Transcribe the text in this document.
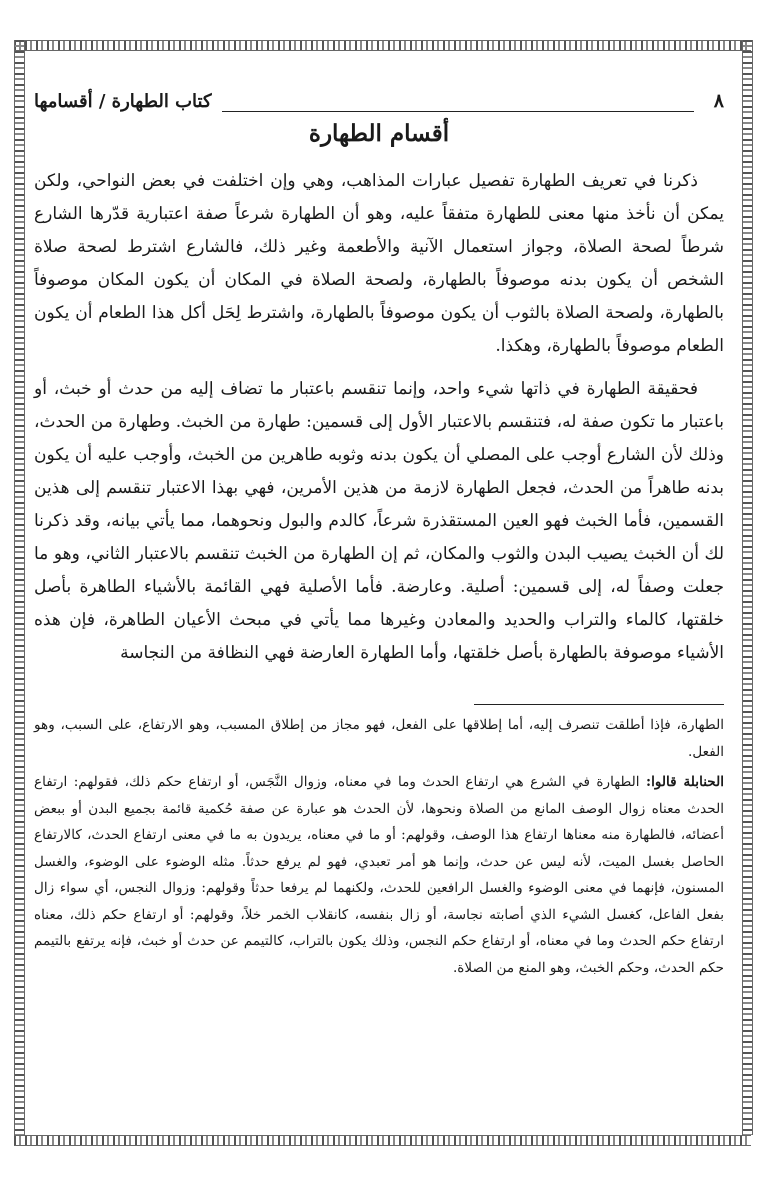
٨
كتاب الطهارة / أقسامها
أقسام الطهارة

ذكرنا في تعريف الطهارة تفصيل عبارات المذاهب، وهي وإن اختلفت في بعض النواحي، ولكن يمكن أن نأخذ منها معنى للطهارة متفقاً عليه، وهو أن الطهارة شرعاً صفة اعتبارية قدّرها الشارع شرطاً لصحة الصلاة، وجواز استعمال الآنية والأطعمة وغير ذلك، فالشارع اشترط لصحة صلاة الشخص أن يكون بدنه موصوفاً بالطهارة، ولصحة الصلاة في المكان أن يكون المكان موصوفاً بالطهارة، ولصحة الصلاة بالثوب أن يكون موصوفاً بالطهارة، واشترط لِحَل أكل هذا الطعام أن يكون الطعام موصوفاً بالطهارة، وهكذا.

فحقيقة الطهارة في ذاتها شيء واحد، وإنما تنقسم باعتبار ما تضاف إليه من حدث أو خبث، أو باعتبار ما تكون صفة له، فتنقسم بالاعتبار الأول إلى قسمين: طهارة من الخبث. وطهارة من الحدث، وذلك لأن الشارع أوجب على المصلي أن يكون بدنه وثوبه طاهرين من الخبث، وأوجب عليه أن يكون بدنه طاهراً من الحدث، فجعل الطهارة لازمة من هذين الأمرين، فهي بهذا الاعتبار تنقسم إلى هذين القسمين، فأما الخبث فهو العين المستقذرة شرعاً، كالدم والبول ونحوهما، مما يأتي بيانه، وقد ذكرنا لك أن الخبث يصيب البدن والثوب والمكان، ثم إن الطهارة من الخبث تنقسم بالاعتبار الثاني، وهو ما جعلت وصفاً له، إلى قسمين: أصلية. وعارضة. فأما الأصلية فهي القائمة بالأشياء الطاهرة بأصل خلقتها، كالماء والتراب والحديد والمعادن وغيرها مما يأتي في مبحث الأعيان الطاهرة، فإن هذه الأشياء موصوفة بالطهارة بأصل خلقتها، وأما الطهارة العارضة فهي النظافة من النجاسة

الطهارة، فإذا أطلقت تنصرف إليه، أما إطلاقها على الفعل، فهو مجاز من إطلاق المسبب، وهو الارتفاع، على السبب، وهو الفعل.

الحنابلة قالوا: الطهارة في الشرع هي ارتفاع الحدث وما في معناه، وزوال النَّجَس، أو ارتفاع حكم ذلك، فقولهم: ارتفاع الحدث معناه زوال الوصف المانع من الصلاة ونحوها، لأن الحدث هو عبارة عن صفة حُكمية قائمة بجميع البدن أو ببعض أعضائه، فالطهارة منه معناها ارتفاع هذا الوصف، وقولهم: أو ما في معناه، يريدون به ما في معنى ارتفاع الحدث، كالارتفاع الحاصل بغسل الميت، لأنه ليس عن حدث، وإنما هو أمر تعبدي، فهو لم يرفع حدثاً. مثله الوضوء على الوضوء، والغسل المسنون، فإنهما في معنى الوضوء والغسل الرافعين للحدث، ولكنهما لم يرفعا حدثاً وقولهم: وزوال النجس، أي سواء زال بفعل الفاعل، كغسل الشيء الذي أصابته نجاسة، أو زال بنفسه، كانقلاب الخمر خلاً، وقولهم: أو ارتفاع حكم ذلك، معناه ارتفاع حكم الحدث وما في معناه، أو ارتفاع حكم النجس، وذلك يكون بالتراب، كالتيمم عن حدث أو خبث، فإنه يرتفع بالتيمم حكم الحدث، وحكم الخبث، وهو المنع من الصلاة.
